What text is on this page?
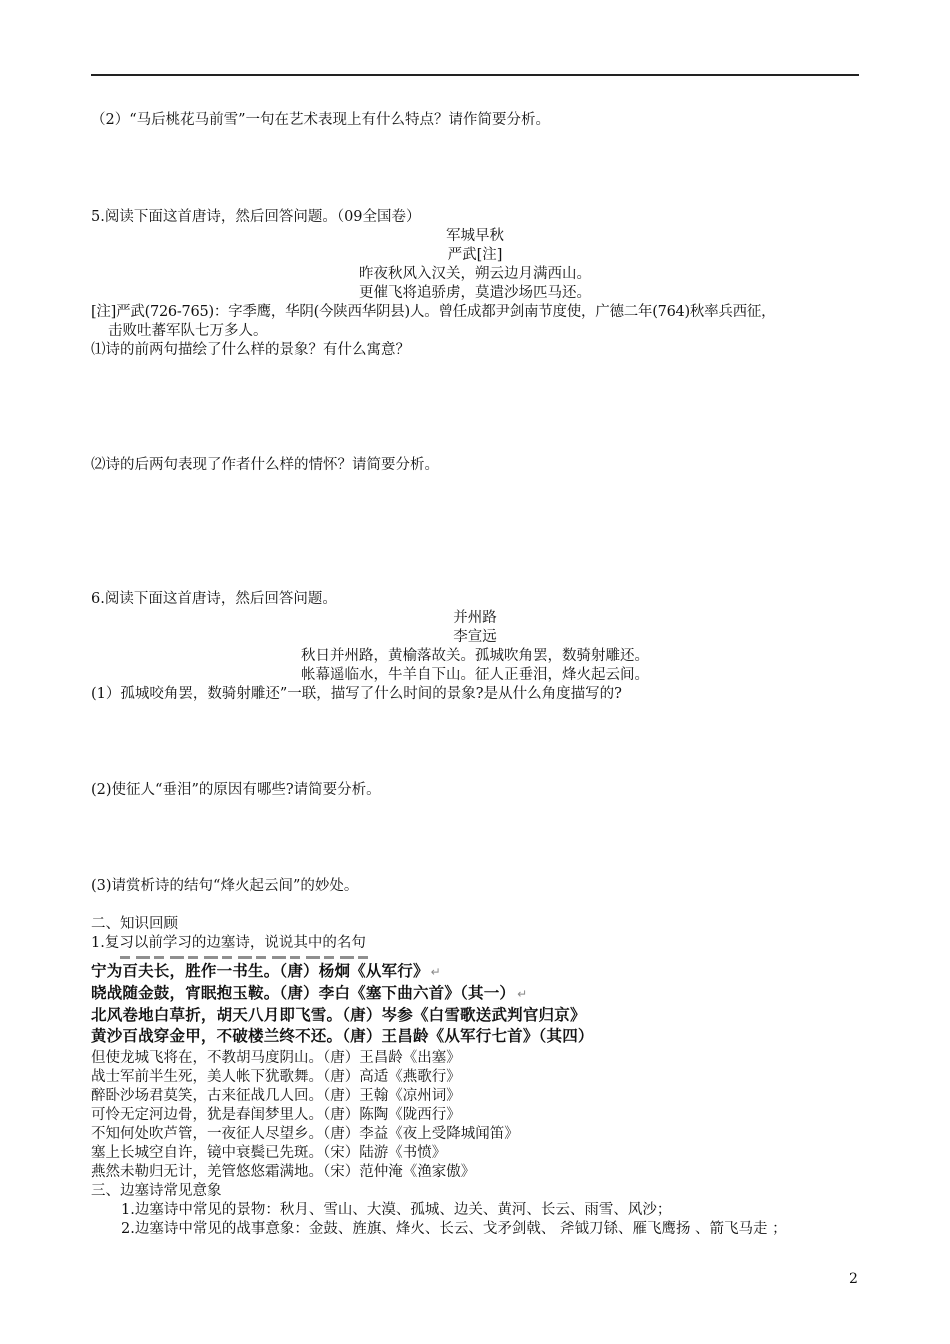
（2）“马后桃花马前雪”一句在艺术表现上有什么特点？请作简要分析。
5.阅读下面这首唐诗，然后回答问题。（09全国卷）
军城早秋
严武[注]
昨夜秋风入汉关，朔云边月满西山。
更催飞将追骄虏，莫遣沙场匹马还。
[注]严武(726-765)：字季鹰，华阴(今陕西华阴县)人。曾任成都尹剑南节度使，广德二年(764)秋率兵西征，
击败吐蕃军队七万多人。
⑴诗的前两句描绘了什么样的景象？有什么寓意？
⑵诗的后两句表现了作者什么样的情怀？请简要分析。
6.阅读下面这首唐诗，然后回答问题。
并州路
李宣远
秋日并州路，黄榆落故关。孤城吹角罢，数骑射雕还。
帐幕遥临水，牛羊自下山。征人正垂泪，烽火起云间。
(1）孤城咬角罢，数骑射雕还”一联，描写了什么时间的景象?是从什么角度描写的?
(2)使征人“垂泪”的原因有哪些?请简要分析。
(3)请赏析诗的结句“烽火起云间”的妙处。
二、知识回顾
1.复习以前学习的边塞诗，说说其中的名句
宁为百夫长，胜作一书生。（唐）杨炯《从军行》 ↵
晓战随金鼓，宵眠抱玉鞍。（唐）李白《塞下曲六首》（其一） ↵
北风卷地白草折，胡天八月即飞雪。（唐）岑参《白雪歌送武判官归京》
黄沙百战穿金甲，不破楼兰终不还。（唐）王昌龄《从军行七首》（其四）
但使龙城飞将在，不教胡马度阴山。（唐）王昌龄《出塞》
战士军前半生死，美人帐下犹歌舞。（唐）高适《燕歌行》
醉卧沙场君莫笑，古来征战几人回。（唐）王翰《凉州词》
可怜无定河边骨，犹是春闺梦里人。（唐）陈陶《陇西行》
不知何处吹芦管，一夜征人尽望乡。（唐）李益《夜上受降城闻笛》
塞上长城空自许，镜中衰鬓已先斑。（宋）陆游《书愤》
燕然未勒归无计，羌管悠悠霜满地。（宋）范仲淹《渔家傲》
三、边塞诗常见意象
1.边塞诗中常见的景物：秋月、雪山、大漠、孤城、边关、黄河、长云、雨雪、风沙；
2.边塞诗中常见的战事意象：金鼓、旌旗、烽火、长云、戈矛剑戟、 斧钺刀铩、雁飞鹰扬 、箭飞马走 ；
2
